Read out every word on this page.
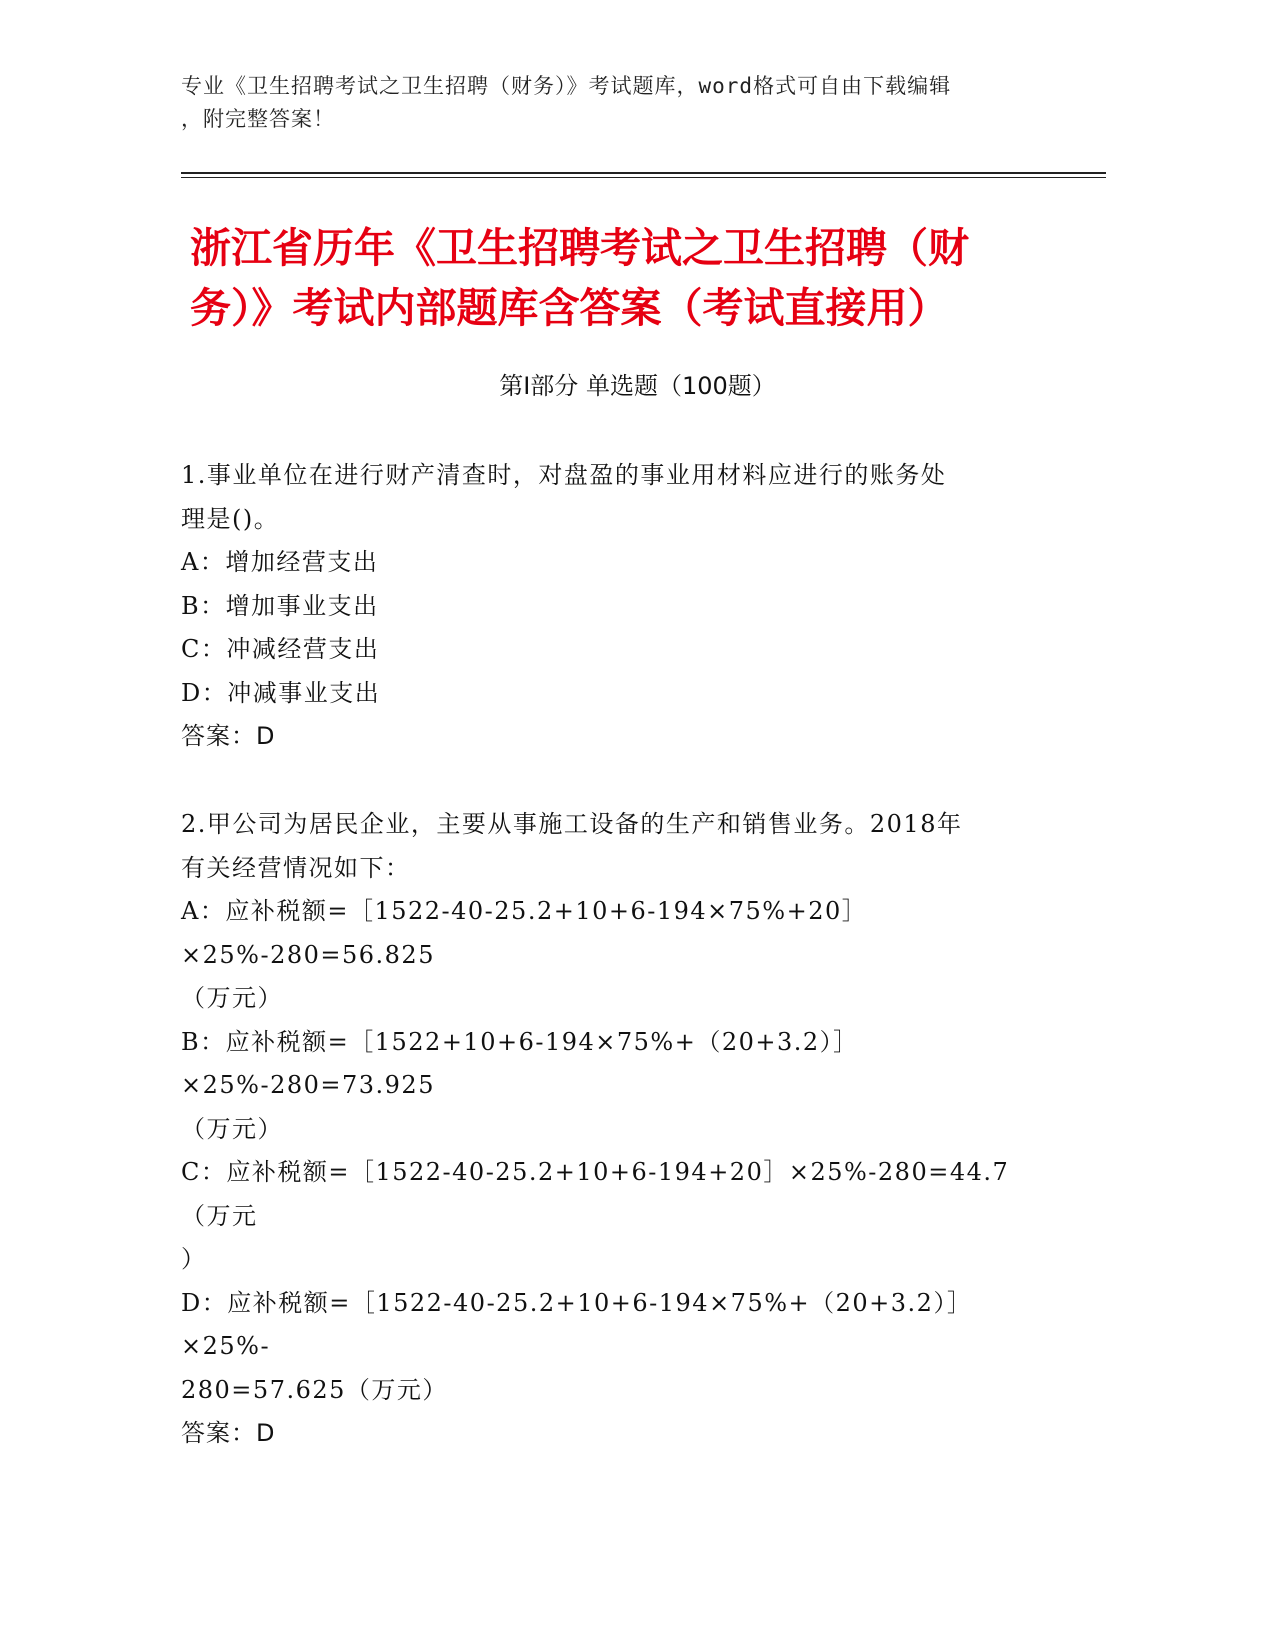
专业《卫生招聘考试之卫生招聘（财务）》考试题库，word格式可自由下载编辑
，附完整答案！
浙江省历年《卫生招聘考试之卫生招聘（财
务）》考试内部题库含答案（考试直接用）
第Ⅰ部分 单选题（100题）

1.事业单位在进行财产清查时，对盘盈的事业用材料应进行的账务处

理是()。

A：增加经营支出

B：增加事业支出

C：冲减经营支出

D：冲减事业支出

答案：D

2.甲公司为居民企业，主要从事施工设备的生产和销售业务。2018年

有关经营情况如下：

A：应补税额=［1522-40-25.2+10+6-194×75%+20］×25%-280=56.825

（万元）

B：应补税额=［1522+10+6-194×75%+（20+3.2）］×25%-280=73.925

（万元）

C：应补税额=［1522-40-25.2+10+6-194+20］×25%-280=44.7（万元

）

D：应补税额=［1522-40-25.2+10+6-194×75%+（20+3.2）］×25%-

280=57.625（万元）

答案：D
